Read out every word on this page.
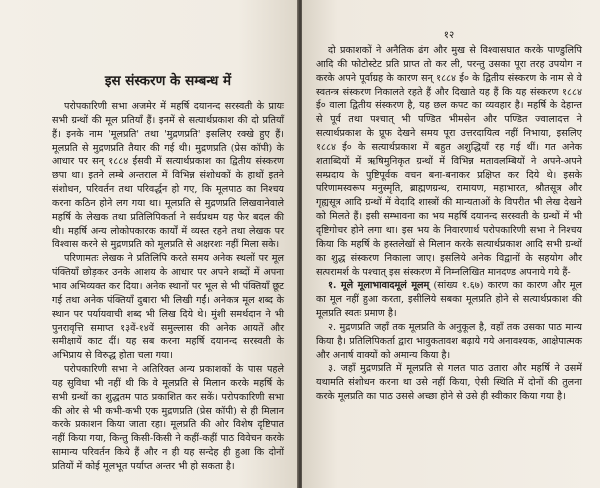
इस संस्करण के सम्बन्ध में

परोपकारिणी सभा अजमेर में महर्षि दयानन्द सरस्वती के प्रायः सभी ग्रन्थों की मूल प्रतियाँ हैं। इनमें से सत्यार्थप्रकाश की दो प्रतियाँ हैं। इनके नाम 'मूलप्रति' तथा 'मुद्रणप्रति' इसलिए रक्खे हुए हैं। मूलप्रति से मुद्रणप्रति तैयार की गई थी। मुद्रणप्रति (प्रेस कॉपी) के आधार पर सन् १८८४ ईसवी में सत्यार्थप्रकाश का द्वितीय संस्करण छपा था। इतने लम्बे अन्तराल में विभिन्न संशोधकों के हाथों इतने संशोधन, परिवर्तन तथा परिवर्द्धन हो गए, कि मूलपाठ का निश्चय करना कठिन होने लग गया था। मूलप्रति से मुद्रणप्रति लिखवानेवाले महर्षि के लेखक तथा प्रतिलिपिकर्ता ने सर्वप्रथम यह फेर बदल की थी। महर्षि अन्य लोकोपकारक कार्यों में व्यस्त रहने तथा लेखक पर विश्वास करने से मुद्रणप्रति को मूलप्रति से अक्षरशः नहीं मिला सके।

परिणामतः लेखक ने प्रतिलिपि करते समय अनेक स्थलों पर मूल पंक्तियाँ छोड़कर उनके आशय के आधार पर अपने शब्दों में अपना भाव अभिव्यक्त कर दिया। अनेक स्थानों पर भूल से भी पंक्तियाँ छूट गई तथा अनेक पंक्तियाँ दुबारा भी लिखी गईं। अनेकत्र मूल शब्द के स्थान पर पर्यायवाची शब्द भी लिख दिये थे। मुंशी समर्थदान ने भी पुनरावृत्ति समाप्त १३वें-१४वें समुल्लास की अनेक आयतें और समीक्षायें काट दीं। यह सब करना महर्षि दयानन्द सरस्वती के अभिप्राय से विरुद्ध होता चला गया।

परोपकारिणी सभा ने अतिरिक्त अन्य प्रकाशकों के पास पहले यह सुविधा भी नहीं थी कि वे मूलप्रति से मिलान करके महर्षि के सभी ग्रन्थों का शुद्धतम पाठ प्रकाशित कर सकें। परोपकारिणी सभा की ओर से भी कभी-कभी एक मुद्रणप्रति (प्रेस कॉपी) से ही मिलान करके प्रकाशन किया जाता रहा। मूलप्रति की ओर विशेष दृष्टिपात नहीं किया गया, किन्तु किसी-किसी ने कहीं-कहीं पाठ विवेचन करके सामान्य परिवर्तन किये हैं और न ही यह सन्देह ही हुआ कि दोनों प्रतियों में कोई मूलभूत पर्याप्त अन्तर भी हो सकता है।

१२

दो प्रकाशकों ने अनैतिक ढंग और मुख से विश्वासघात करके पाण्डुलिपि आदि की फोटोस्टेट प्रति प्राप्त तो कर ली, परन्तु उसका पूरा तरह उपयोग न करके अपने पूर्वाग्रह के कारण सन् १८८४ ई० के द्वितीय संस्करण के नाम से वे स्वतन्त्र संस्करण निकालते रहते हैं और दिखाते यह हैं कि यह संस्करण १८८४ ई० वाला द्वितीय संस्करण है, यह छल कपट का व्यवहार है। महर्षि के देहान्त से पूर्व तथा पश्चात् भी पण्डित भीमसेन और पण्डित ज्वालादत्त ने सत्यार्थप्रकाश के प्रूफ देखने समय पूरा उत्तरदायित्व नहीं निभाया, इसलिए १८८४ ई० के सत्यार्थप्रकाश में बहुत अशुद्धियाँ रह गई थीं। गत अनेक शताब्दियों में ऋषिमुनिकृत ग्रन्थों में विभिन्न मतावलम्बियों ने अपने-अपने सम्प्रदाय के पुष्टिपूर्वक वचन बना-बनाकर प्रक्षिप्त कर दिये थे। इसके परिणामस्वरूप मनुस्मृति, ब्राह्मणग्रन्थ, रामायण, महाभारत, श्रौतसूत्र और गृह्यसूत्र आदि ग्रन्थों में वेदादि शास्त्रों की मान्यताओं के विपरीत भी लेख देखने को मिलते हैं। इसी सम्भावना का भय महर्षि दयानन्द सरस्वती के ग्रन्थों में भी दृष्टिगोचर होने लगा था। इस भय के निवारणार्थ परोपकारिणी सभा ने निश्चय किया कि महर्षि के हस्तलेखों से मिलान करके सत्यार्थप्रकाश आदि सभी ग्रन्थों का शुद्ध संस्करण निकाला जाए। इसलिये अनेक विद्वानों के सहयोग और सत्परामर्श के पश्चात् इस संस्करण में निम्नलिखित मानदण्ड अपनाये गये हैं-

१. मूले मूलाभावादमूलं मूलम् (सांख्य १.६७) कारण का कारण और मूल का मूल नहीं हुआ करता, इसीलिये सबका मूलप्रति होने से सत्यार्थप्रकाश की मूलप्रति स्वतः प्रमाण है।

२. मुद्रणप्रति जहाँ तक मूलप्रति के अनुकूल है, वहाँ तक उसका पाठ मान्य किया है। प्रतिलिपिकर्ता द्वारा भावुकतावश बढ़ाये गये अनावश्यक, आक्षेपात्मक और अनार्ष वाक्यों को अमान्य किया है।

३. जहाँ मुद्रणप्रति में मूलप्रति से गलत पाठ उतारा और महर्षि ने उसमें यथामति संशोधन करना था उसे नहीं किया, ऐसी स्थिति में दोनों की तुलना करके मूलप्रति का पाठ उससे अच्छा होने से उसे ही स्वीकार किया गया है।
